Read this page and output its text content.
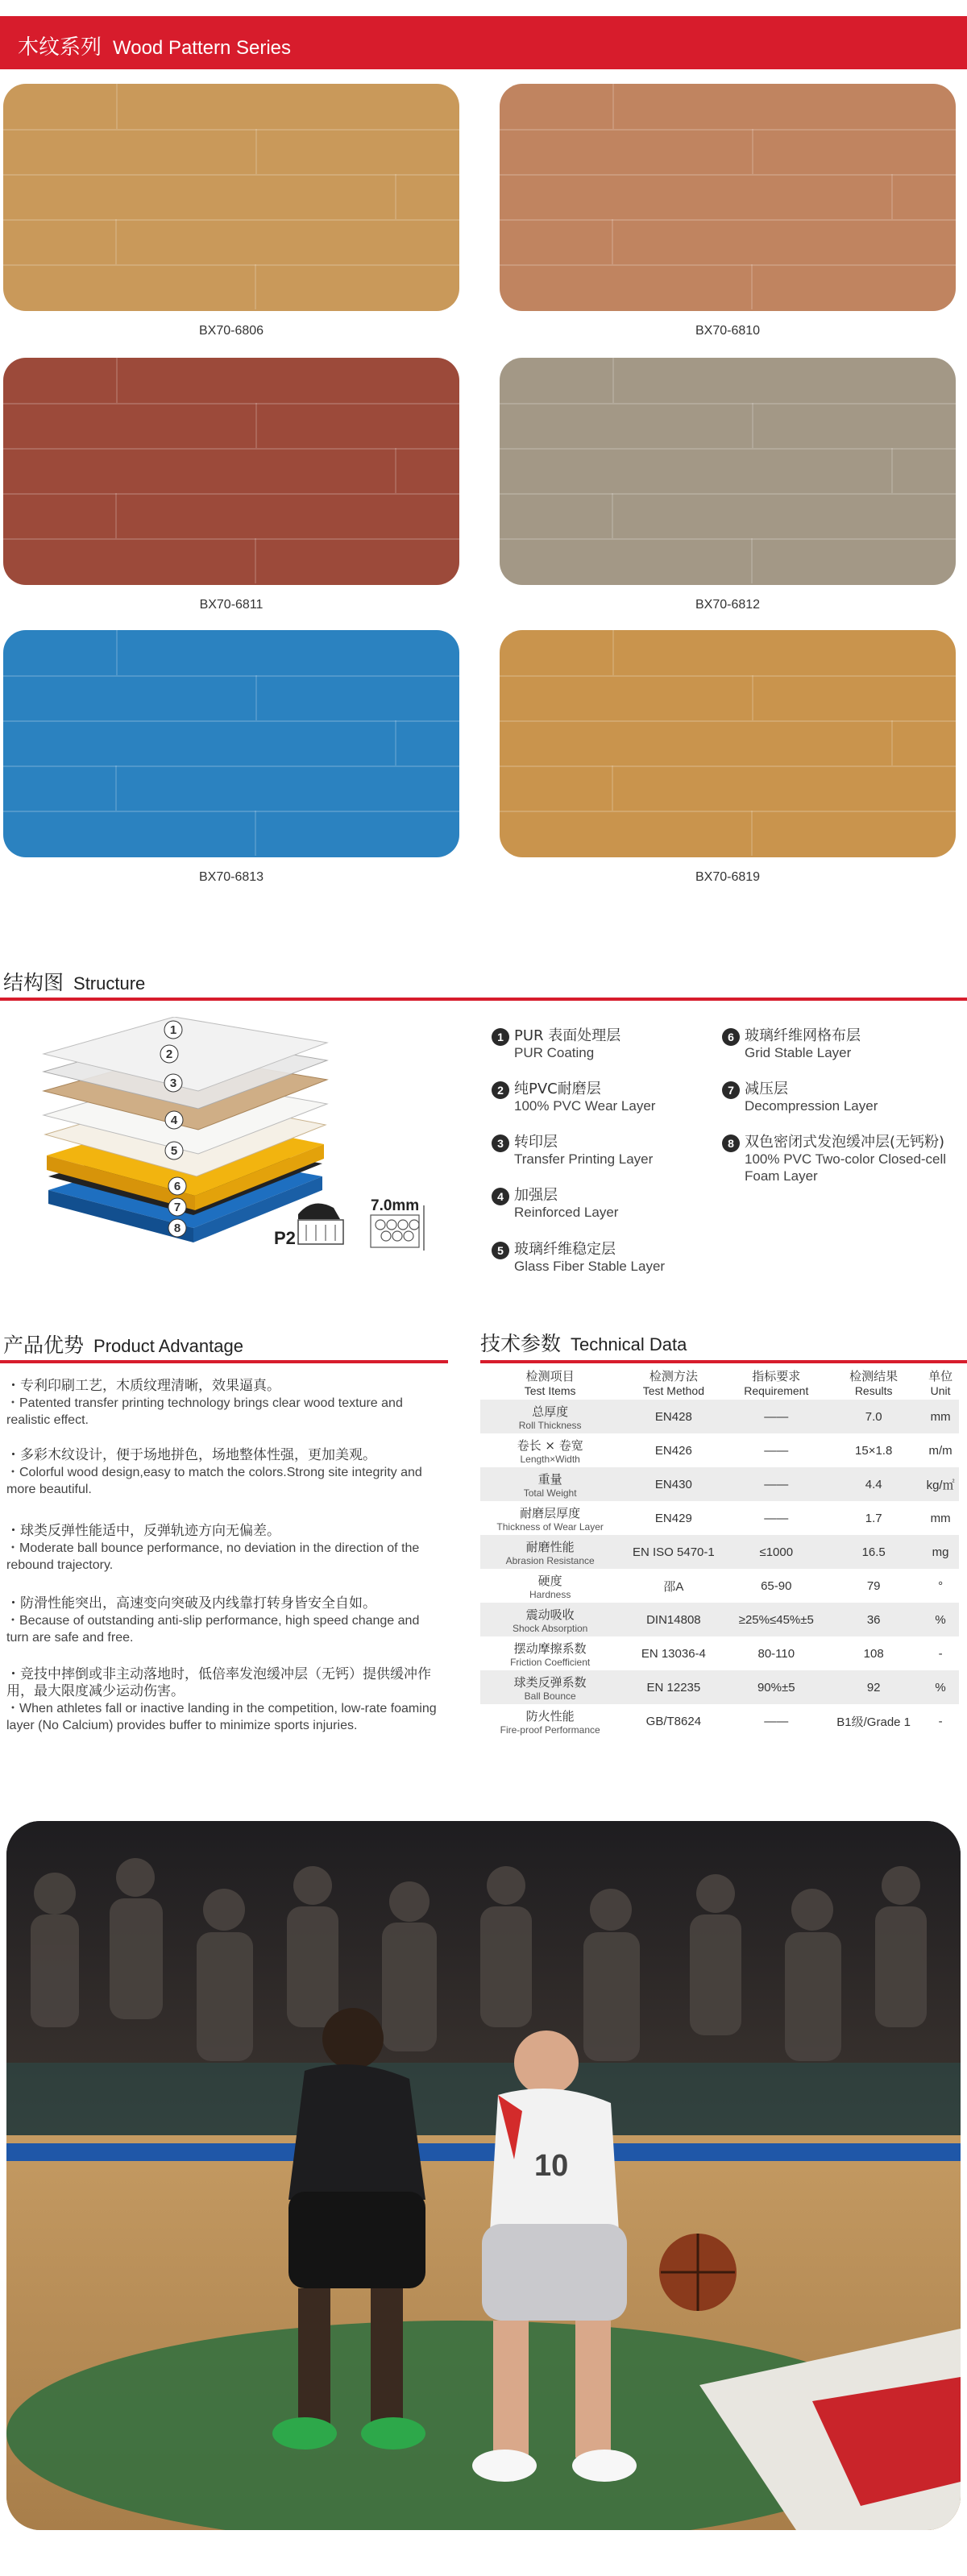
木纹系列 Wood Pattern Series
BX70-6806	BX70-6810
BX70-6811	BX70-6812
BX70-6813	BX70-6819
结构图 Structure
1
2
3
4
5
6
7
8
7.0mm
P2
1 PUR 表面处理层
PUR Coating
2 纯PVC耐磨层
100% PVC Wear Layer
3 转印层
Transfer Printing Layer
4 加强层
Reinforced Layer
5 玻璃纤维稳定层
Glass Fiber Stable Layer
6 玻璃纤维网格布层
Grid Stable Layer
7 减压层
Decompression Layer
8 双色密闭式发泡缓冲层(无钙粉)
100% PVC Two-color Closed-cell Foam Layer
产品优势 Product Advantage
・专利印刷工艺，木质纹理清晰，效果逼真。
・Patented transfer printing technology brings clear wood texture and realistic effect.
・多彩木纹设计，便于场地拼色，场地整体性强，更加美观。
・Colorful wood design,easy to match the colors.Strong site integrity and more beautiful.
・球类反弹性能适中，反弹轨迹方向无偏差。
・Moderate ball bounce performance, no deviation in the direction of the rebound trajectory.
・防滑性能突出，高速变向突破及内线靠打转身皆安全自如。
・Because of outstanding anti-slip performance, high speed change and turn are safe and free.
・竞技中摔倒或非主动落地时，低倍率发泡缓冲层（无钙）提供缓冲作用，最大限度减少运动伤害。
・When athletes fall or inactive landing in the competition, low-rate foaming layer (No Calcium) provides buffer to minimize sports injuries.
技术参数 Technical Data
检测项目
Test Items	检测方法
Test Method	指标要求
Requirement	检测结果
Results	单位
Unit

总厚度
Roll Thickness	EN428	——	7.0	mm

卷长 × 卷宽
Length×Width	EN426	——	15×1.8	m/m

重量
Total Weight	EN430	——	4.4	kg/㎡

耐磨层厚度
Thickness of Wear Layer	EN429	——	1.7	mm

耐磨性能
Abrasion Resistance	EN ISO 5470-1	≤1000	16.5	mg

硬度
Hardness	邵A	65-90	79	°

震动吸收
Shock Absorption	DIN14808	≥25%≤45%±5	36	%

摆动摩擦系数
Friction Coefficient	EN 13036-4	80-110	108	-

球类反弹系数
Ball Bounce	EN 12235	90%±5	92	%

防火性能
Fire-proof Performance	GB/T8624	——	B1级/Grade 1	-
10
